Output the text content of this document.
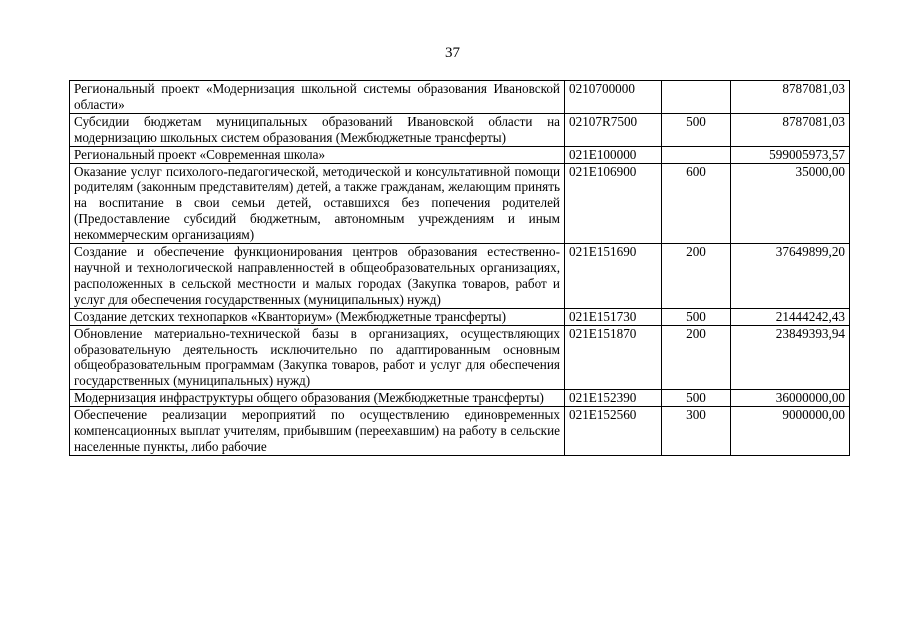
37
Региональный проект «Модернизация школьной системы образования Ивановской области»	0210700000		8787081,03
Субсидии бюджетам муниципальных образований Ивановской области на модернизацию школьных систем образования (Межбюджетные трансферты)	02107R7500	500	8787081,03
Региональный проект «Современная школа»	021E100000		599005973,57
Оказание услуг психолого-педагогической, методической и консультативной помощи родителям (законным представителям) детей, а также гражданам, желающим принять на воспитание в свои семьи детей, оставшихся без попечения родителей (Предоставление субсидий бюджетным, автономным учреждениям и иным некоммерческим организациям)	021E106900	600	35000,00
Создание и обеспечение функционирования центров образования естественно-научной и технологической направленностей в общеобразовательных организациях, расположенных в сельской местности и малых городах (Закупка товаров, работ и услуг для обеспечения государственных (муниципальных) нужд)	021E151690	200	37649899,20
Создание детских технопарков «Кванториум» (Межбюджетные трансферты)	021E151730	500	21444242,43
Обновление материально-технической базы в организациях, осуществляющих образовательную деятельность исключительно по адаптированным основным общеобразовательным программам (Закупка товаров, работ и услуг для обеспечения государственных (муниципальных) нужд)	021E151870	200	23849393,94
Модернизация инфраструктуры общего образования (Межбюджетные трансферты)	021E152390	500	36000000,00
Обеспечение реализации мероприятий по осуществлению единовременных компенсационных выплат учителям, прибывшим (переехавшим) на работу в сельские населенные пункты, либо рабочие	021E152560	300	9000000,00
